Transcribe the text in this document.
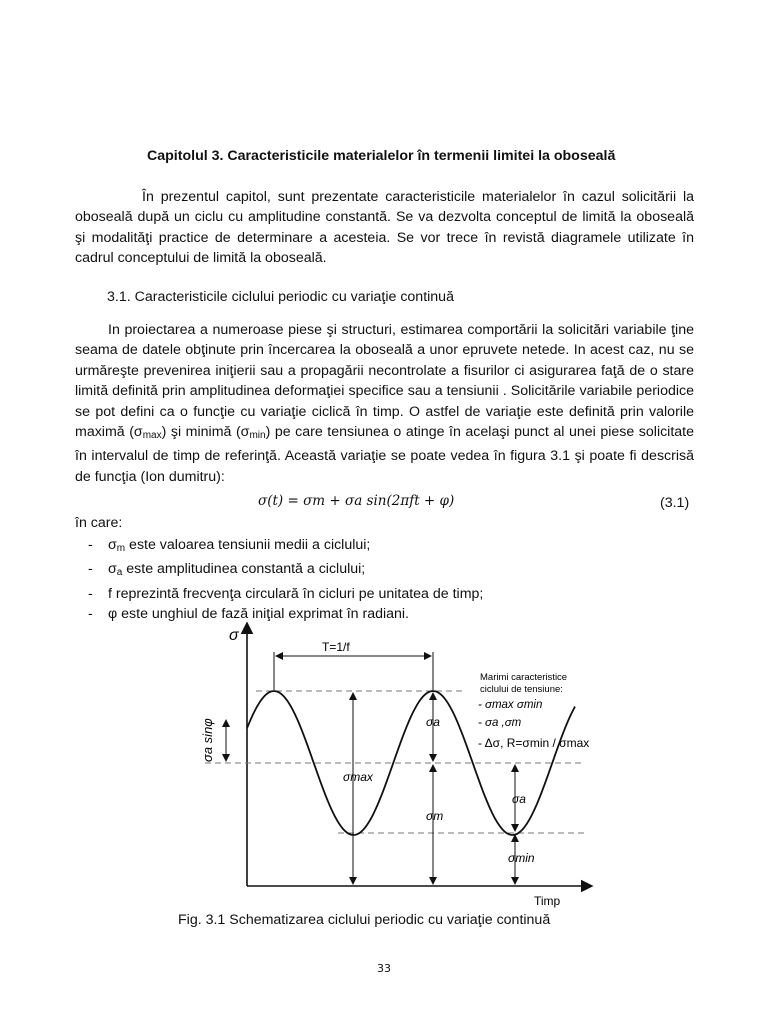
Capitolul 3. Caracteristicile materialelor în termenii limitei la oboseală
În prezentul capitol, sunt prezentate caracteristicile materialelor în cazul solicitării la oboseală după un ciclu cu amplitudine constantă. Se va dezvolta conceptul de limită la oboseală şi modalităţi practice de determinare a acesteia. Se vor trece în revistă diagramele utilizate în cadrul conceptului de limită la oboseală.
3.1. Caracteristicile ciclului periodic cu variaţie continuă
In proiectarea a numeroase piese şi structuri, estimarea comportării la solicitări variabile ţine seama de datele obţinute prin încercarea la oboseală a unor epruvete netede. In acest caz, nu se urmăreşte prevenirea iniţierii sau a propagării necontrolate a fisurilor ci asigurarea faţă de o stare limită definită prin amplitudinea deformaţiei specifice sau a tensiunii . Solicitările variabile periodice se pot defini ca o funcţie cu variaţie ciclică în timp. O astfel de variaţie este definită prin valorile maximă $(\sigma_{max})$ şi minimă $(\sigma_{min})$ pe care tensiunea o atinge în acelaşi punct al unei piese solicitate în intervalul de timp de referinţă. Această variaţie se poate vedea în figura 3.1 şi poate fi descrisă de funcţia (Ion dumitru):
σ(t) = σm + σa sin(2πft + φ)	(3.1)
în care:
- $\sigma_m$ este valoarea tensiunii medii a ciclului;
- $\sigma_a$ este amplitudinea constantă a ciclului;
- f reprezintă frecvenţa circulară în cicluri pe unitatea de timp;
- φ este unghiul de fază iniţial exprimat în radiani.
T=1/f
σ
Timp
σa sinφ	σa
σmax
σm
σa
σmin
Marimi caracteristice
ciclului de tensiune:
- σmax σmin
- σa ,σm
- Δσ, R=σmin / σmax
Fig. 3.1 Schematizarea ciclului periodic cu variaţie continuă
33
